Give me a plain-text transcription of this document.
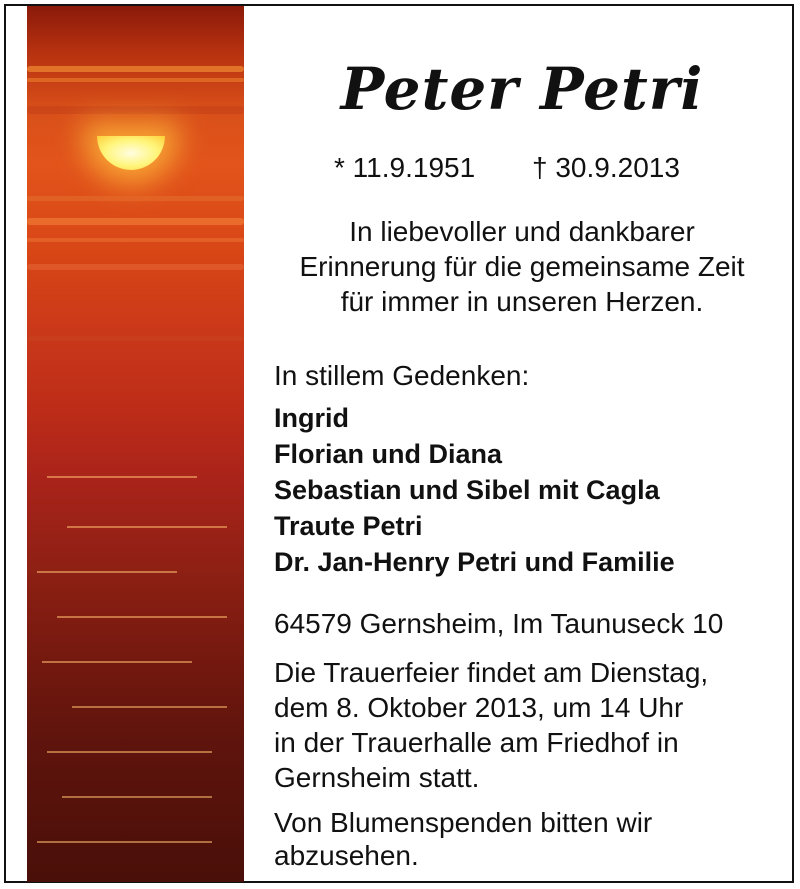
Peter Petri
* 11.9.1951 † 30.9.2013
In liebevoller und dankbarer
Erinnerung für die gemeinsame Zeit
für immer in unseren Herzen.
In stillem Gedenken:
Ingrid
Florian und Diana
Sebastian und Sibel mit Cagla
Traute Petri
Dr. Jan-Henry Petri und Familie
64579 Gernsheim, Im Taunuseck 10
Die Trauerfeier findet am Dienstag,
dem 8. Oktober 2013, um 14 Uhr
in der Trauerhalle am Friedhof in
Gernsheim statt.
Von Blumenspenden bitten wir
abzusehen.
